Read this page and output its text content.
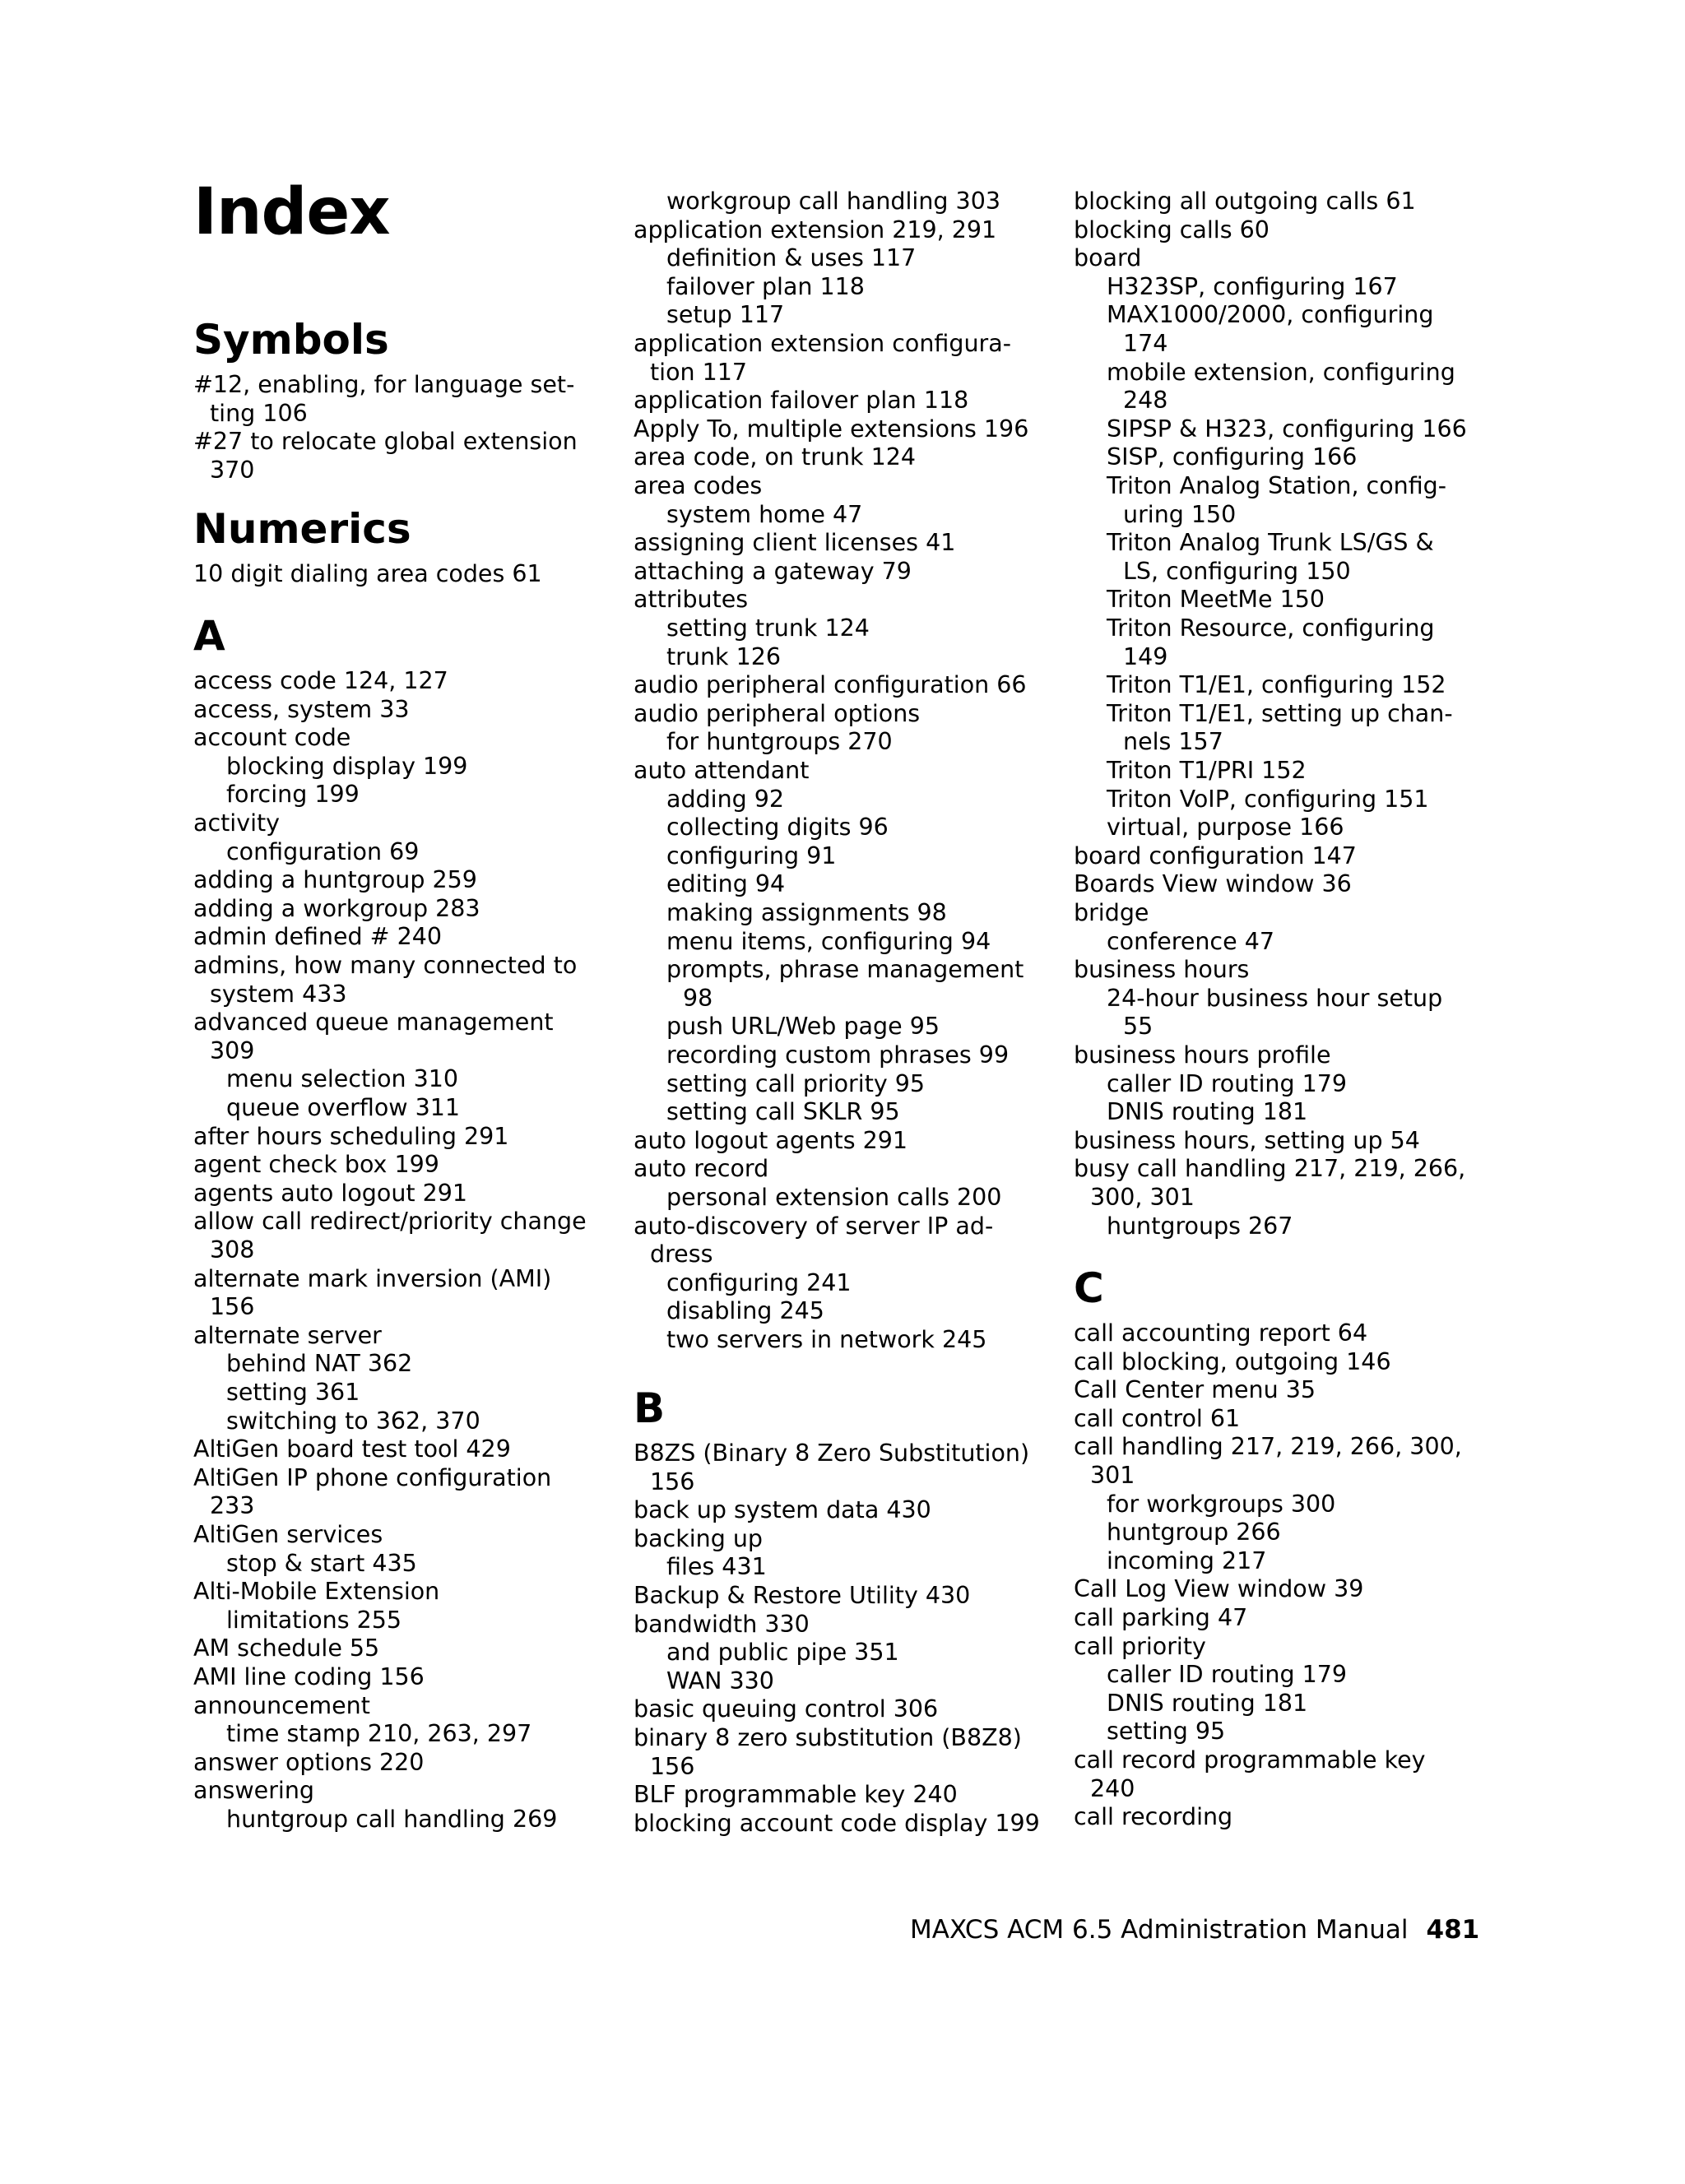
Index
Symbols
#12, enabling, for language set-
ting 106
#27 to relocate global extension
370
Numerics
10 digit dialing area codes 61
A
access code 124, 127
access, system 33
account code
blocking display 199
forcing 199
activity
configuration 69
adding a huntgroup 259
adding a workgroup 283
admin defined # 240
admins, how many connected to
system 433
advanced queue management
309
menu selection 310
queue overflow 311
after hours scheduling 291
agent check box 199
agents auto logout 291
allow call redirect/priority change
308
alternate mark inversion (AMI)
156
alternate server
behind NAT 362
setting 361
switching to 362, 370
AltiGen board test tool 429
AltiGen IP phone configuration
233
AltiGen services
stop & start 435
Alti-Mobile Extension
limitations 255
AM schedule 55
AMI line coding 156
announcement
time stamp 210, 263, 297
answer options 220
answering
huntgroup call handling 269
workgroup call handling 303
application extension 219, 291
definition & uses 117
failover plan 118
setup 117
application extension configura-
tion 117
application failover plan 118
Apply To, multiple extensions 196
area code, on trunk 124
area codes
system home 47
assigning client licenses 41
attaching a gateway 79
attributes
setting trunk 124
trunk 126
audio peripheral configuration 66
audio peripheral options
for huntgroups 270
auto attendant
adding 92
collecting digits 96
configuring 91
editing 94
making assignments 98
menu items, configuring 94
prompts, phrase management
98
push URL/Web page 95
recording custom phrases 99
setting call priority 95
setting call SKLR 95
auto logout agents 291
auto record
personal extension calls 200
auto-discovery of server IP ad-
dress
configuring 241
disabling 245
two servers in network 245
B
B8ZS (Binary 8 Zero Substitution)
156
back up system data 430
backing up
files 431
Backup & Restore Utility 430
bandwidth 330
and public pipe 351
WAN 330
basic queuing control 306
binary 8 zero substitution (B8Z8)
156
BLF programmable key 240
blocking account code display 199
blocking all outgoing calls 61
blocking calls 60
board
H323SP, configuring 167
MAX1000/2000, configuring
174
mobile extension, configuring
248
SIPSP & H323, configuring 166
SISP, configuring 166
Triton Analog Station, config-
uring 150
Triton Analog Trunk LS/GS &
LS, configuring 150
Triton MeetMe 150
Triton Resource, configuring
149
Triton T1/E1, configuring 152
Triton T1/E1, setting up chan-
nels 157
Triton T1/PRI 152
Triton VoIP, configuring 151
virtual, purpose 166
board configuration 147
Boards View window 36
bridge
conference 47
business hours
24-hour business hour setup
55
business hours profile
caller ID routing 179
DNIS routing 181
business hours, setting up 54
busy call handling 217, 219, 266,
300, 301
huntgroups 267
C
call accounting report 64
call blocking, outgoing 146
Call Center menu 35
call control 61
call handling 217, 219, 266, 300,
301
for workgroups 300
huntgroup 266
incoming 217
Call Log View window 39
call parking 47
call priority
caller ID routing 179
DNIS routing 181
setting 95
call record programmable key
240
call recording
MAXCS ACM 6.5 Administration Manual 481
